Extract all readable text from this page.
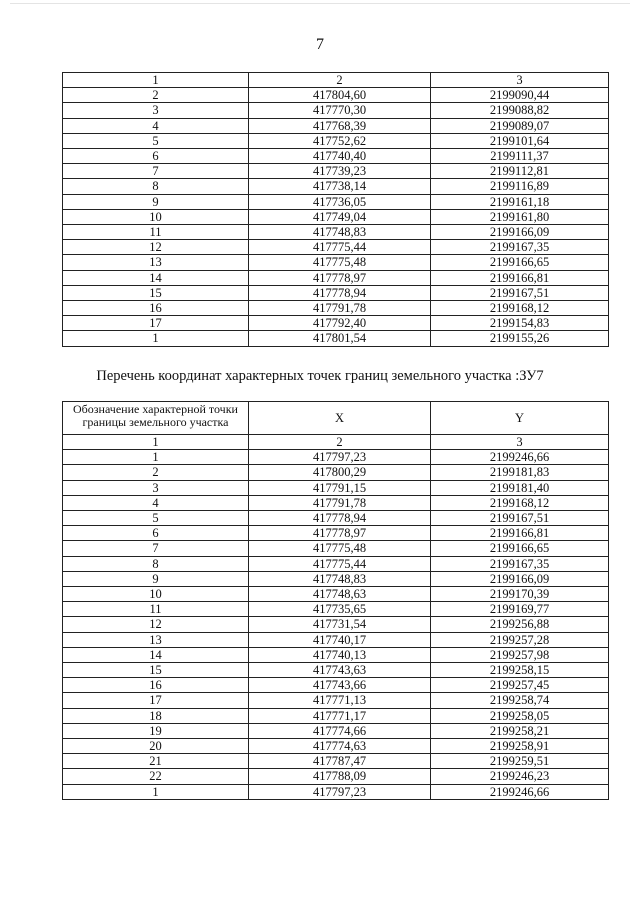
7
1	2	3
2	417804,60	2199090,44
3	417770,30	2199088,82
4	417768,39	2199089,07
5	417752,62	2199101,64
6	417740,40	2199111,37
7	417739,23	2199112,81
8	417738,14	2199116,89
9	417736,05	2199161,18
10	417749,04	2199161,80
11	417748,83	2199166,09
12	417775,44	2199167,35
13	417775,48	2199166,65
14	417778,97	2199166,81
15	417778,94	2199167,51
16	417791,78	2199168,12
17	417792,40	2199154,83
1	417801,54	2199155,26
Перечень координат характерных точек границ земельного участка :ЗУ7
Обозначение характерной точки границы земельного участка	X	Y
1	2	3
1	417797,23	2199246,66
2	417800,29	2199181,83
3	417791,15	2199181,40
4	417791,78	2199168,12
5	417778,94	2199167,51
6	417778,97	2199166,81
7	417775,48	2199166,65
8	417775,44	2199167,35
9	417748,83	2199166,09
10	417748,63	2199170,39
11	417735,65	2199169,77
12	417731,54	2199256,88
13	417740,17	2199257,28
14	417740,13	2199257,98
15	417743,63	2199258,15
16	417743,66	2199257,45
17	417771,13	2199258,74
18	417771,17	2199258,05
19	417774,66	2199258,21
20	417774,63	2199258,91
21	417787,47	2199259,51
22	417788,09	2199246,23
1	417797,23	2199246,66
